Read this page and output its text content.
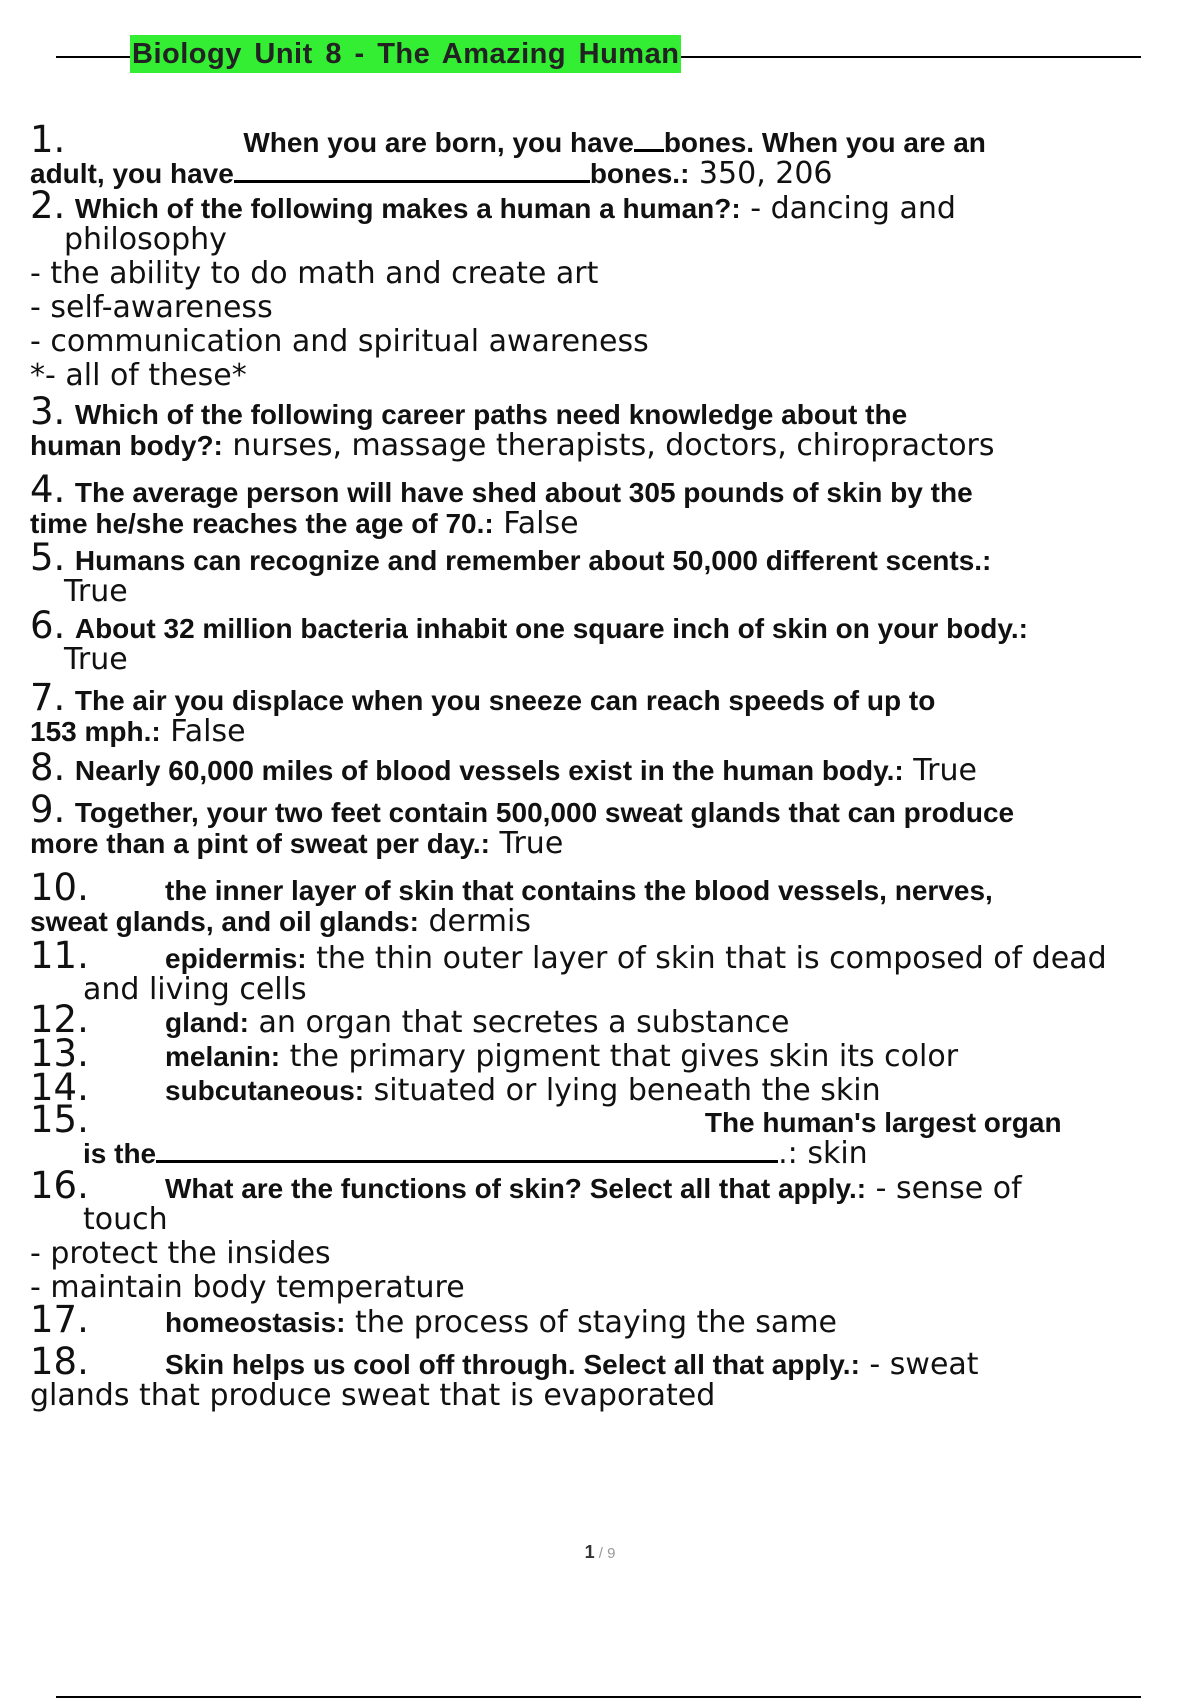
Biology Unit 8 - The Amazing Human
1.	When you are born, you have bones. When you are an
adult, you have	bones.: 350, 206
2. Which of the following makes a human a human?: - dancing and
philosophy
- the ability to do math and create art
- self-awareness
- communication and spiritual awareness
*- all of these*
3. Which of the following career paths need knowledge about the
human body?: nurses, massage therapists, doctors, chiropractors
4. The average person will have shed about 305 pounds of skin by the
time he/she reaches the age of 70.: False
5. Humans can recognize and remember about 50,000 different scents.:
True
6. About 32 million bacteria inhabit one square inch of skin on your body.:
True
7. The air you displace when you sneeze can reach speeds of up to
153 mph.: False
8. Nearly 60,000 miles of blood vessels exist in the human body.: True
9. Together, your two feet contain 500,000 sweat glands that can produce
more than a pint of sweat per day.: True
10.	the inner layer of skin that contains the blood vessels, nerves,
sweat glands, and oil glands: dermis
11.	epidermis: the thin outer layer of skin that is composed of dead
and living cells
12.	gland: an organ that secretes a substance
13.	melanin: the primary pigment that gives skin its color
14.	subcutaneous: situated or lying beneath the skin
15.	The human's largest organ
is the	.: skin
16.	What are the functions of skin? Select all that apply.: - sense of
touch
- protect the insides
- maintain body temperature
17.	homeostasis: the process of staying the same
18.	Skin helps us cool off through. Select all that apply.: - sweat
glands that produce sweat that is evaporated
1 / 9
